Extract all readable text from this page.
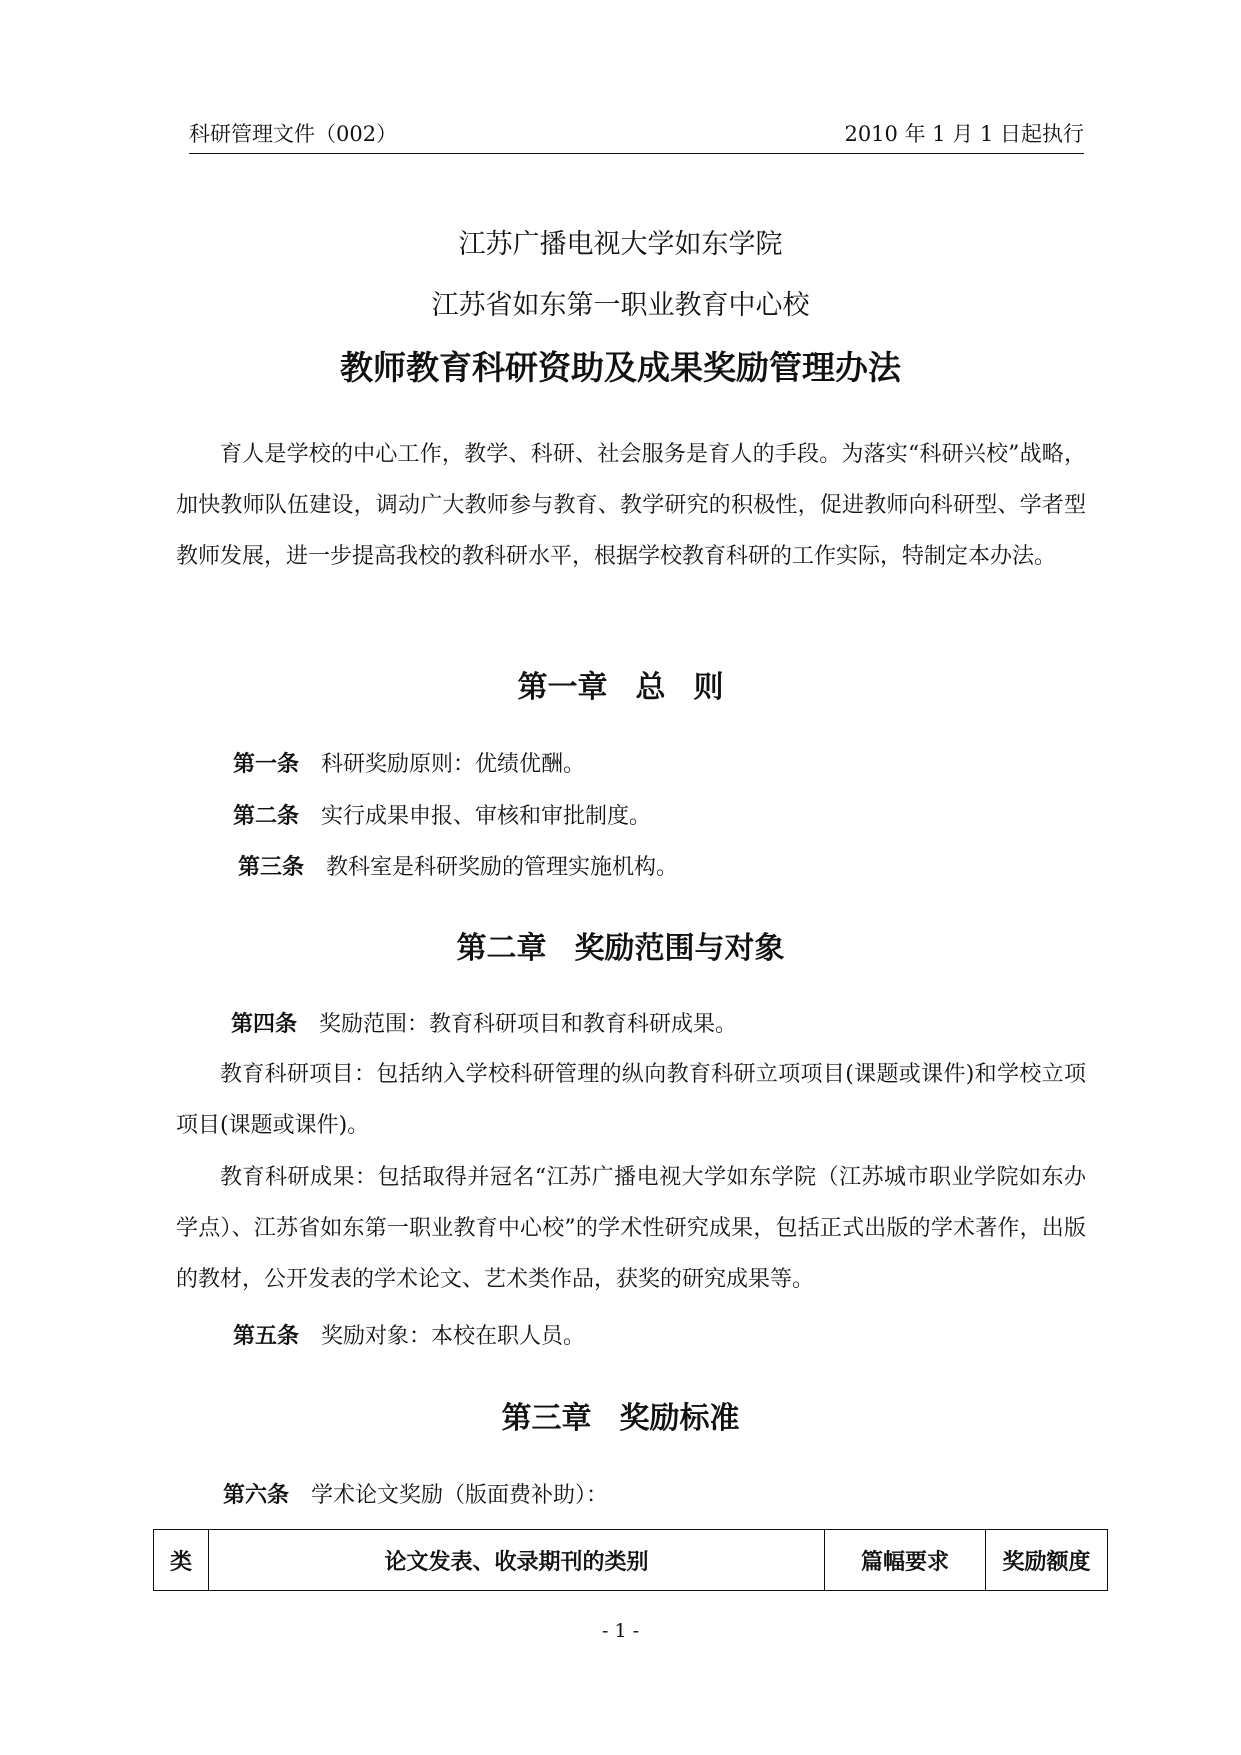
科研管理文件（002）	2010 年 1 月 1 日起执行
江苏广播电视大学如东学院
江苏省如东第一职业教育中心校
教师教育科研资助及成果奖励管理办法

育人是学校的中心工作，教学、科研、社会服务是育人的手段。为落实“科研兴校”战略，加快教师队伍建设，调动广大教师参与教育、教学研究的积极性，促进教师向科研型、学者型教师发展，进一步提高我校的教科研水平，根据学校教育科研的工作实际，特制定本办法。

第一章 总 则
第一条 科研奖励原则：优绩优酬。
第二条 实行成果申报、审核和审批制度。
第三条 教科室是科研奖励的管理实施机构。
第二章 奖励范围与对象
第四条 奖励范围：教育科研项目和教育科研成果。

教育科研项目：包括纳入学校科研管理的纵向教育科研立项项目(课题或课件)和学校立项项目(课题或课件)。

教育科研成果：包括取得并冠名“江苏广播电视大学如东学院（江苏城市职业学院如东办学点）、江苏省如东第一职业教育中心校”的学术性研究成果，包括正式出版的学术著作，出版的教材，公开发表的学术论文、艺术类作品，获奖的研究成果等。

第五条 奖励对象：本校在职人员。
第三章 奖励标准
第六条 学术论文奖励（版面费补助）：
类	论文发表、收录期刊的类别	篇幅要求	奖励额度
- 1 -
